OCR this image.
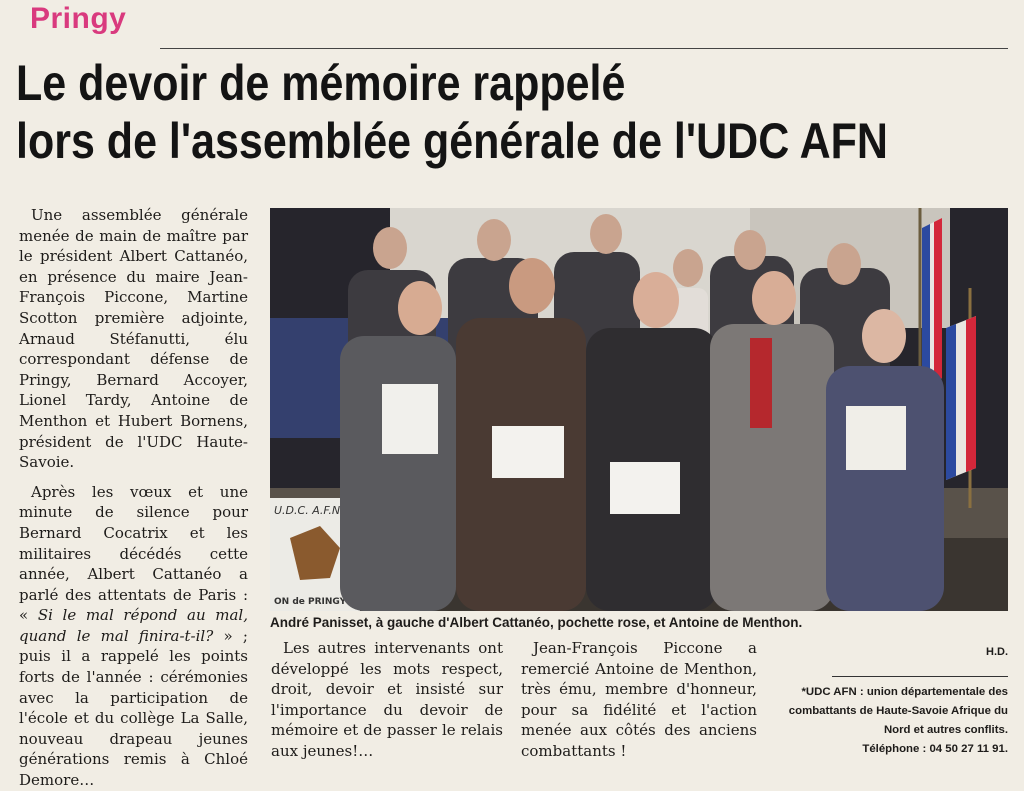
Pringy
Le devoir de mémoire rappelé
lors de l'assemblée générale de l'UDC AFN

Une assemblée générale menée de main de maître par le président Albert Cattanéo, en présence du maire Jean-François Piccone, Martine Scotton première adjointe, Arnaud Stéfanutti, élu correspondant défense de Pringy, Bernard Accoyer, Lionel Tardy, Antoine de Menthon et Hubert Bornens, président de l'UDC Haute-Savoie.

Après les vœux et une minute de silence pour Bernard Cocatrix et les militaires décédés cette année, Albert Cattanéo a parlé des attentats de Paris : « Si le mal répond au mal, quand le mal finira-t-il? » ; puis il a rappelé les points forts de l'année : cérémonies avec la participation de l'école et du collège La Salle, nouveau drapeau jeunes générations remis à Chloé Demore…

U.D.C. A.F.N
ON de PRINGY
André Panisset, à gauche d'Albert Cattanéo, pochette rose, et Antoine de Menthon.

Les autres intervenants ont développé les mots respect, droit, devoir et insisté sur l'importance du devoir de mémoire et de passer le relais aux jeunes!…

Jean-François Piccone a remercié Antoine de Menthon, très ému, membre d'honneur, pour sa fidélité et l'action menée aux côtés des anciens combattants !

H.D.
*UDC AFN : union départementale des combattants de Haute-Savoie Afrique du Nord et autres conflits.
Téléphone : 04 50 27 11 91.
